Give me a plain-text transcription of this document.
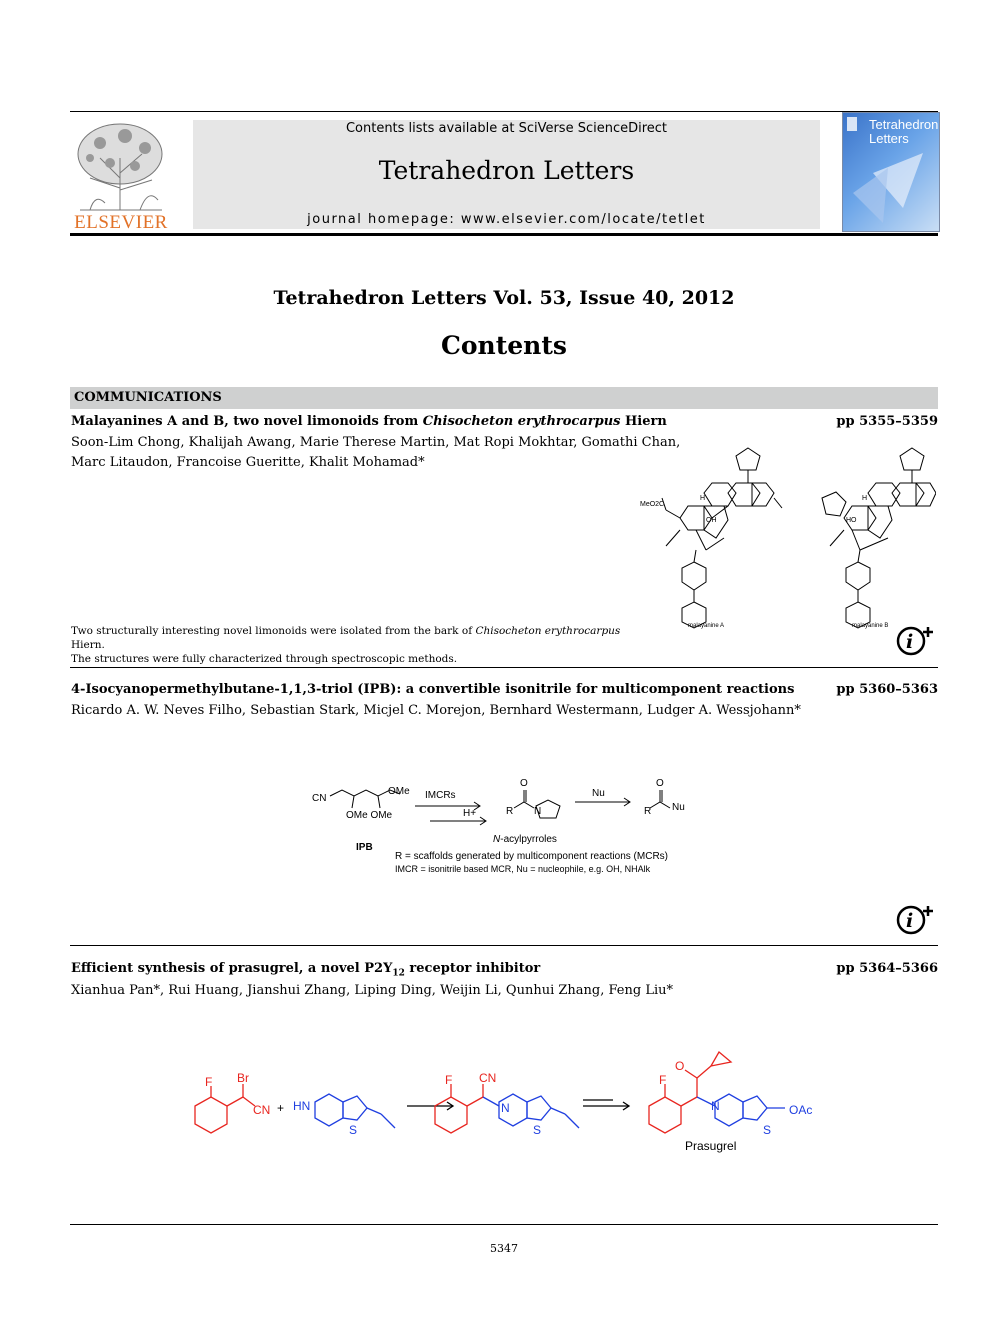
ELSEVIER
Contents lists available at SciVerse ScienceDirect
Tetrahedron Letters
journal homepage: www.elsevier.com/locate/tetlet
Tetrahedron
Letters
Tetrahedron Letters Vol. 53, Issue 40, 2012
Contents
COMMUNICATIONS
Malayanines A and B, two novel limonoids from Chisocheton erythrocarpus Hiern	pp 5355–5359
Soon-Lim Chong, Khalijah Awang, Marie Therese Martin, Mat Ropi Mokhtar, Gomathi Chan,
Marc Litaudon, Francoise Gueritte, Khalit Mohamad*
MeO2C
OH
H
HO
H
malayanine A	malayanine B
Two structurally interesting novel limonoids were isolated from the bark of Chisocheton erythrocarpus Hiern.
The structures were fully characterized through spectroscopic methods.
i
4-Isocyanopermethylbutane-1,1,3-triol (IPB): a convertible isonitrile for multicomponent reactions	pp 5360–5363
Ricardo A. W. Neves Filho, Sebastian Stark, Micjel C. Morejon, Bernhard Westermann, Ludger A. Wessjohann*
CN
OMe
OMe OMe
IMCRs
H+	R
O
N
N-acylpyrroles
Nu
R
O
Nu
IPB
R = scaffolds generated by multicomponent reactions (MCRs)
IMCR = isonitrile based MCR, Nu = nucleophile, e.g. OH, NHAlk
i
Efficient synthesis of prasugrel, a novel $P2Y_{12}$ receptor inhibitor	pp 5364–5366
Xianhua Pan*, Rui Huang, Jianshui Zhang, Liping Ding, Weijin Li, Qunhui Zhang, Feng Liu*
F Br
CN + HN
S
F CN
N
S
F
O
N
S
OAc
Prasugrel
5347
